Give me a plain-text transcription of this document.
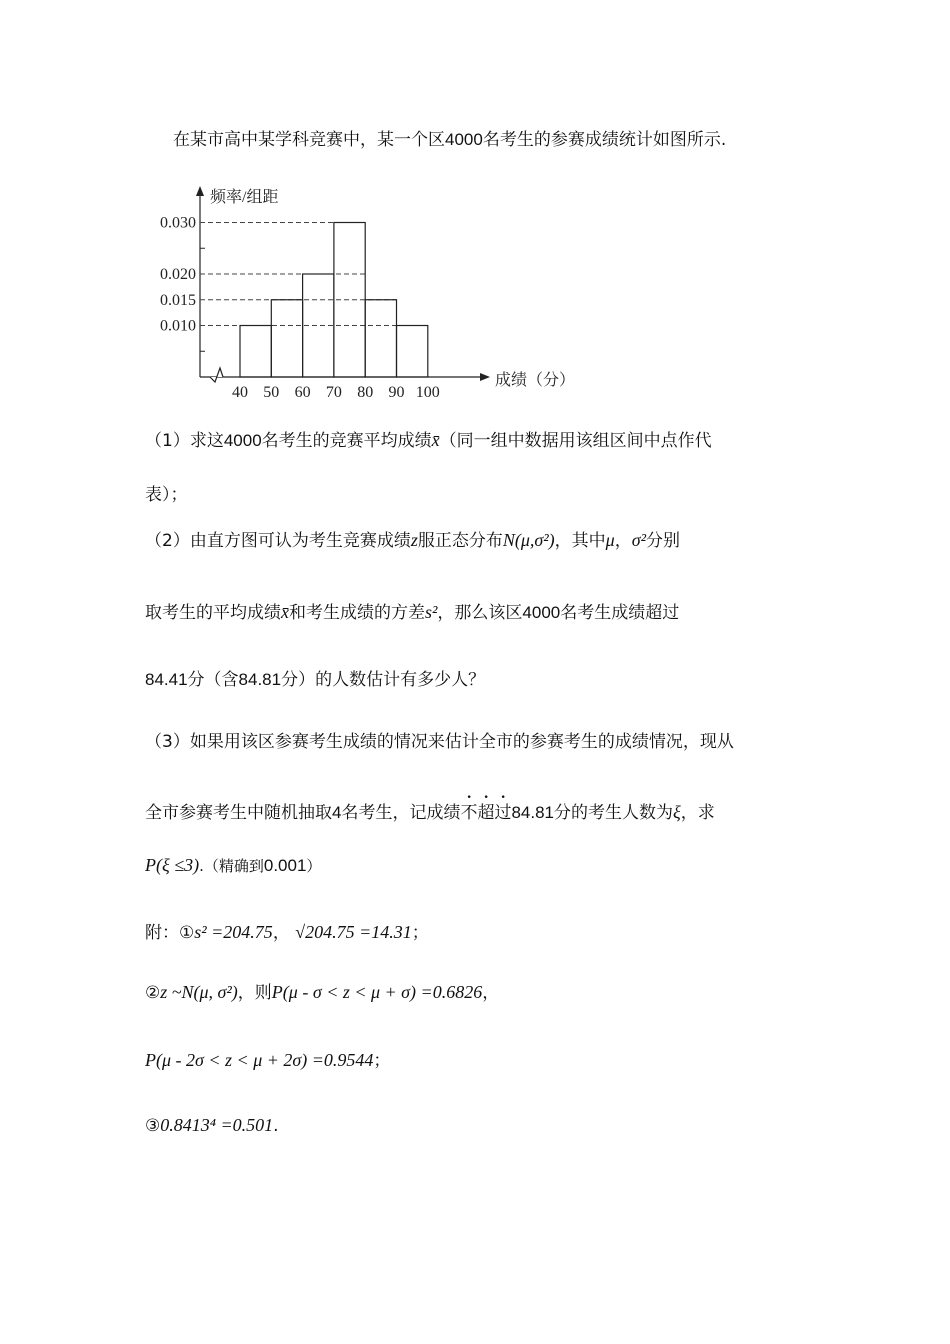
在某市高中某学科竞赛中，某一个区4000名考生的参赛成绩统计如图所示.
频率/组距
成绩（分）
0.010
0.015
0.020
0.030
40 50 60 70 80 90 100
（1）求这4000名考生的竞赛平均成绩x̄（同一组中数据用该组区间中点作代
表）；
（2）由直方图可认为考生竞赛成绩z服正态分布N(μ,σ²)，其中μ，σ²分别
取考生的平均成绩x̄和考生成绩的方差s²，那么该区4000名考生成绩超过
84.41分（含84.81分）的人数估计有多少人？
（3）如果用该区参赛考生成绩的情况来估计全市的参赛考生的成绩情况，现从
全市参赛考生中随机抽取4名考生，记成绩不超过84.81分的考生人数为ξ，求
P(ξ ≤3).（精确到0.001）
附：①s² =204.75， √204.75 =14.31；
②z ~N(μ, σ²)，则P(μ - σ < z < μ + σ) =0.6826，
P(μ - 2σ < z < μ + 2σ) =0.9544；
③0.8413⁴ =0.501.
